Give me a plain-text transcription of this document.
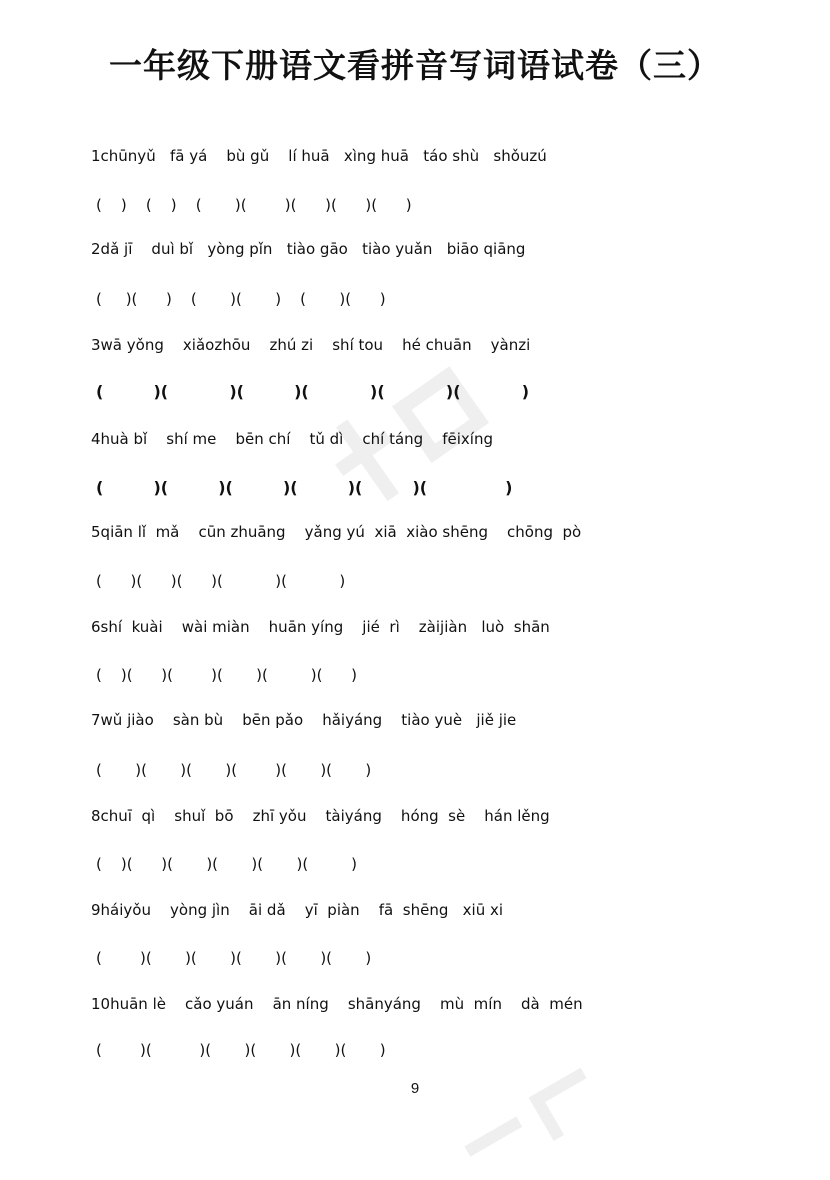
一年级下册语文看拼音写词语试卷（三）
1chūnyǔ   fā yá    bù gǔ    lí huā   xìng huā   táo shù   shǒuzú
(    )    (    )    (       )(        )(      )(      )(      )
2dǎ jī    duì bǐ   yòng pǐn   tiào gāo   tiào yuǎn   biāo qiāng
(     )(      )    (       )(       )    (       )(      )
3wā yǒng    xiǎozhōu    zhú zi    shí tou    hé chuān    yànzi
(         )(           )(         )(           )(           )(           )
4huà bǐ    shí me    bēn chí    tǔ dì    chí táng    fēixíng
(         )(         )(         )(         )(         )(              )
5qiān lǐ  mǎ    cūn zhuāng    yǎng yú  xiā  xiào shēng    chōng  pò
(      )(      )(      )(           )(           )
6shí  kuài    wài miàn    huān yíng    jié  rì    zàijiàn   luò  shān
(    )(      )(        )(       )(         )(      )
7wǔ jiào    sàn bù    bēn pǎo    hǎiyáng    tiào yuè   jiě jie
(       )(       )(       )(        )(       )(       )
8chuī  qì    shuǐ  bō    zhī yǒu    tàiyáng    hóng  sè    hán lěng
(    )(      )(       )(       )(       )(         )
9háiyǒu    yòng jìn    āi dǎ    yī  piàn    fā  shēng   xiū xi
(        )(       )(       )(       )(       )(       )
10huān lè    cǎo yuán    ān níng    shānyáng    mù  mín    dà  mén
(        )(          )(       )(       )(       )(       )
9
